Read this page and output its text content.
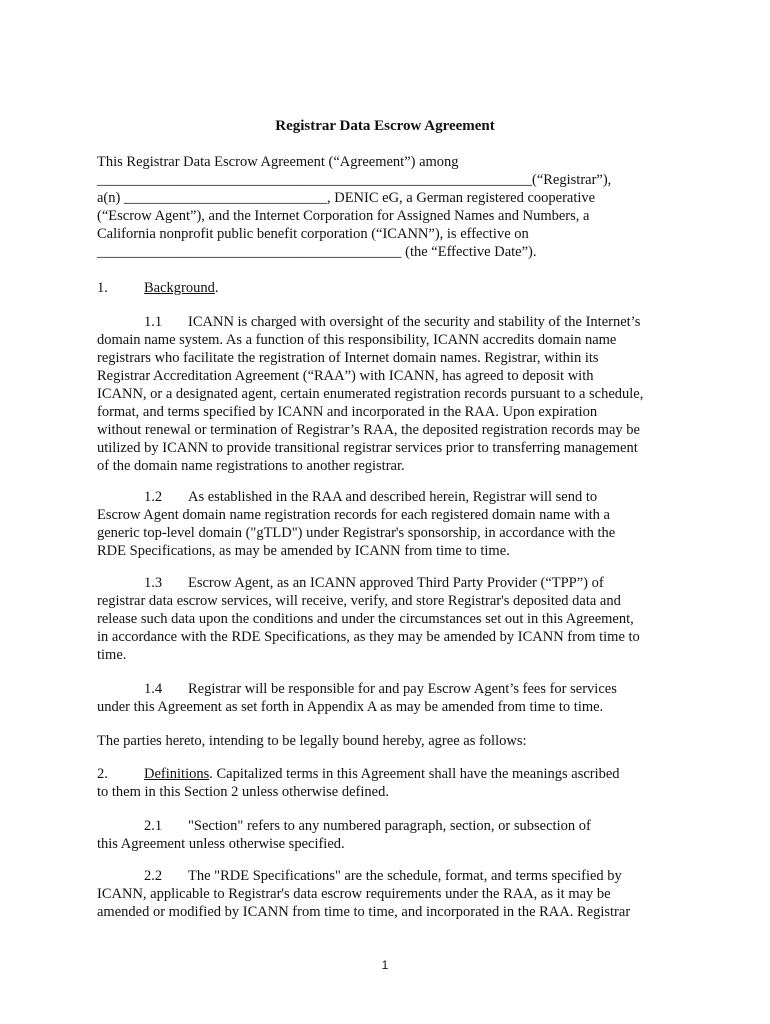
Registrar Data Escrow Agreement
This Registrar Data Escrow Agreement (“Agreement”) among
____________________________________________________________(“Registrar”),
a(n) ____________________________, DENIC eG, a German registered cooperative
(“Escrow Agent”), and the Internet Corporation for Assigned Names and Numbers, a
California nonprofit public benefit corporation (“ICANN”), is effective on
__________________________________________ (the “Effective Date”).
1. Background.
1.1 ICANN is charged with oversight of the security and stability of the Internet’s
domain name system. As a function of this responsibility, ICANN accredits domain name
registrars who facilitate the registration of Internet domain names. Registrar, within its
Registrar Accreditation Agreement (“RAA”) with ICANN, has agreed to deposit with
ICANN, or a designated agent, certain enumerated registration records pursuant to a schedule,
format, and terms specified by ICANN and incorporated in the RAA. Upon expiration
without renewal or termination of Registrar’s RAA, the deposited registration records may be
utilized by ICANN to provide transitional registrar services prior to transferring management
of the domain name registrations to another registrar.
1.2 As established in the RAA and described herein, Registrar will send to
Escrow Agent domain name registration records for each registered domain name with a
generic top-level domain ("gTLD") under Registrar's sponsorship, in accordance with the
RDE Specifications, as may be amended by ICANN from time to time.
1.3 Escrow Agent, as an ICANN approved Third Party Provider (“TPP”) of
registrar data escrow services, will receive, verify, and store Registrar's deposited data and
release such data upon the conditions and under the circumstances set out in this Agreement,
in accordance with the RDE Specifications, as they may be amended by ICANN from time to
time.
1.4 Registrar will be responsible for and pay Escrow Agent’s fees for services
under this Agreement as set forth in Appendix A as may be amended from time to time.
The parties hereto, intending to be legally bound hereby, agree as follows:
2. Definitions. Capitalized terms in this Agreement shall have the meanings ascribed
to them in this Section 2 unless otherwise defined.
2.1 "Section" refers to any numbered paragraph, section, or subsection of
this Agreement unless otherwise specified.
2.2 The "RDE Specifications" are the schedule, format, and terms specified by
ICANN, applicable to Registrar's data escrow requirements under the RAA, as it may be
amended or modified by ICANN from time to time, and incorporated in the RAA. Registrar
1
